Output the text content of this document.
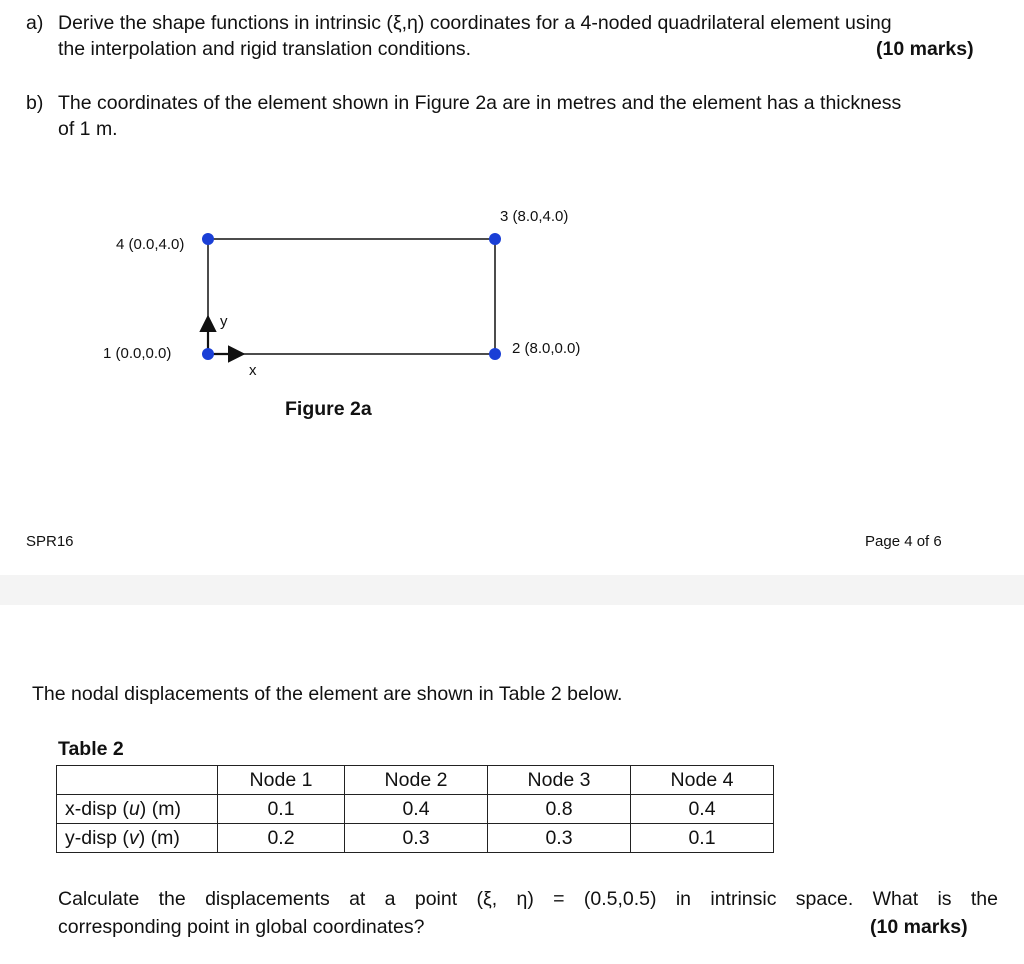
a) Derive the shape functions in intrinsic (ξ,η) coordinates for a 4-noded quadrilateral element using
the interpolation and rigid translation conditions.	(10 marks)
b) The coordinates of the element shown in Figure 2a are in metres and the element has a thickness
of 1 m.
1 (0.0,0.0)	2 (8.0,0.0)
3 (8.0,4.0)
4 (0.0,4.0)
x
y
Figure 2a
SPR16	Page 4 of 6
The nodal displacements of the element are shown in Table 2 below.
Table 2
	Node 1	Node 2	Node 3	Node 4
x-disp (u) (m)	0.1	0.4	0.8	0.4
y-disp (v) (m)	0.2	0.3	0.3	0.1
Calculate the displacements at a point (ξ, η) = (0.5,0.5) in intrinsic space. What is the
corresponding point in global coordinates?	(10 marks)
